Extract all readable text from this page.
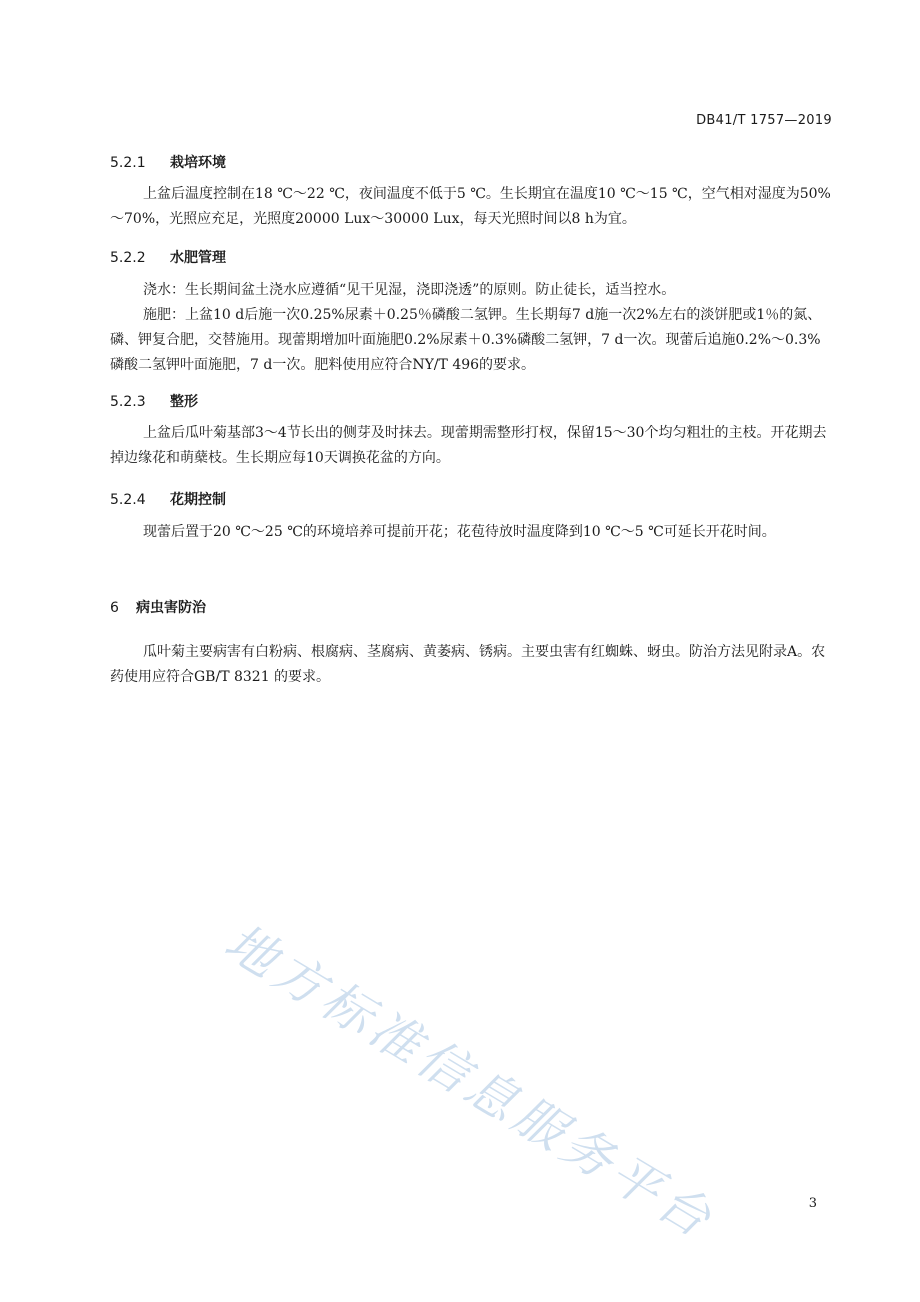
DB41/T 1757—2019
5.2.1 栽培环境

上盆后温度控制在18 ℃～22 ℃，夜间温度不低于5 ℃。生长期宜在温度10 ℃～15 ℃，空气相对湿度为50%～70%，光照应充足，光照度20000 Lux～30000 Lux，每天光照时间以8 h为宜。

5.2.2 水肥管理

浇水：生长期间盆土浇水应遵循“见干见湿，浇即浇透”的原则。防止徒长，适当控水。

施肥：上盆10 d后施一次0.25%尿素＋0.25％磷酸二氢钾。生长期每7 d施一次2%左右的淡饼肥或1％的氮、磷、钾复合肥，交替施用。现蕾期增加叶面施肥0.2%尿素＋0.3%磷酸二氢钾，7 d一次。现蕾后追施0.2%～0.3%磷酸二氢钾叶面施肥，7 d一次。肥料使用应符合NY/T 496的要求。

5.2.3 整形

上盆后瓜叶菊基部3～4节长出的侧芽及时抹去。现蕾期需整形打杈，保留15～30个均匀粗壮的主枝。开花期去掉边缘花和萌蘖枝。生长期应每10天调换花盆的方向。

5.2.4 花期控制

现蕾后置于20 ℃～25 ℃的环境培养可提前开花；花苞待放时温度降到10 ℃～5 ℃可延长开花时间。

6 病虫害防治

瓜叶菊主要病害有白粉病、根腐病、茎腐病、黄萎病、锈病。主要虫害有红蜘蛛、蚜虫。防治方法见附录A。农药使用应符合GB/T 8321 的要求。

地方标准信息服务平台	3
